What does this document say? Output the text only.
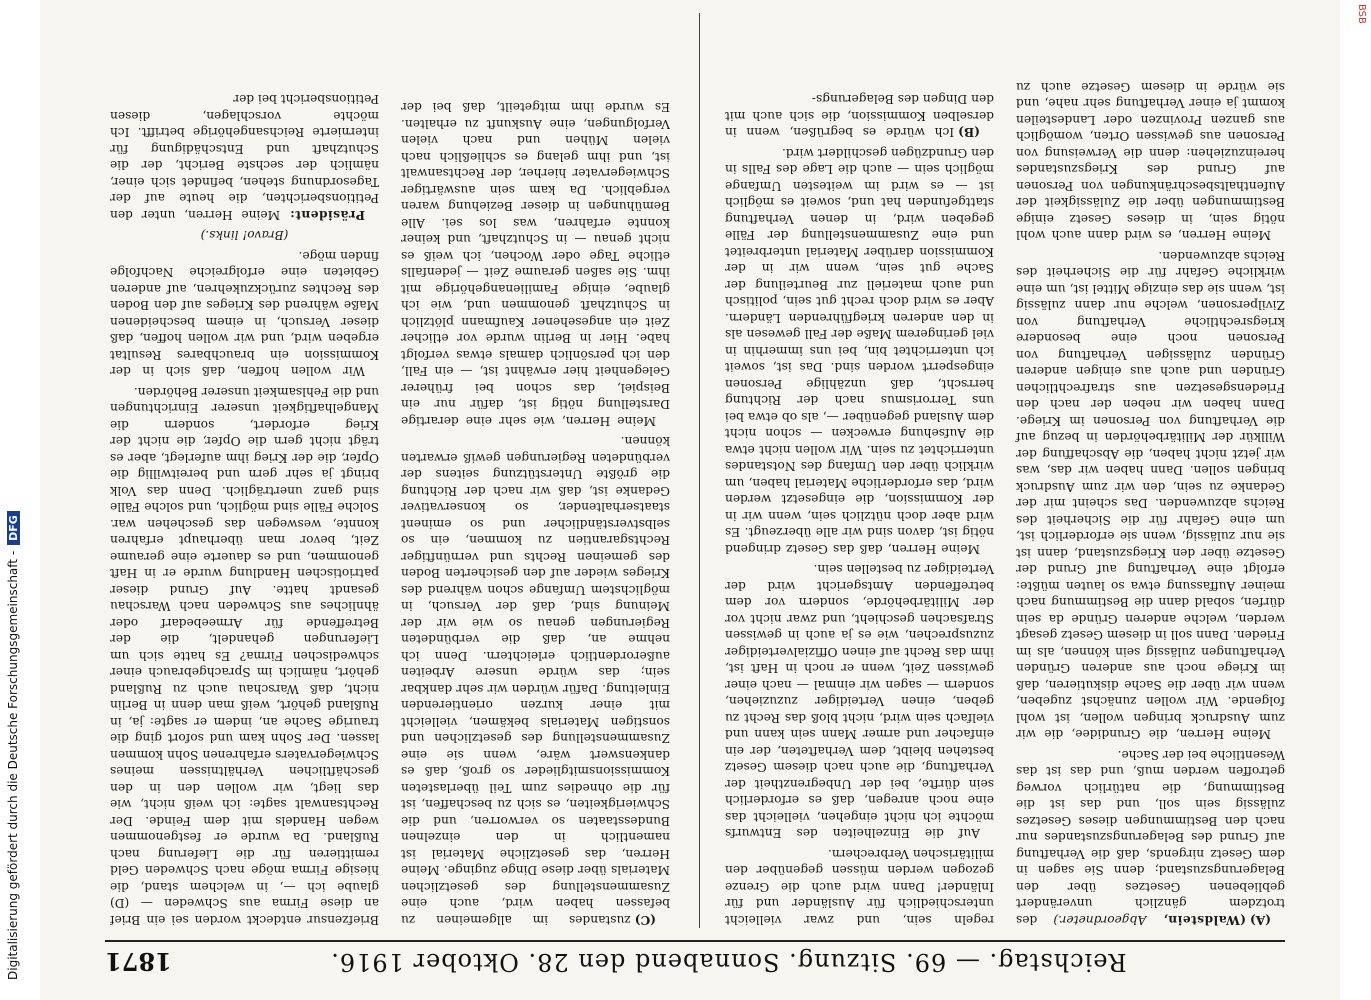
Reichstag. — 69. Sitzung. Sonnabend den 28. Oktober 1916.
1871

(A)(Waldstein, Abgeordneter.) des trotzdem gänzlich unverändert gebliebenen Gesetzes über den Belagerungszustand; denn Sie sagen in dem Gesetz nirgends, daß die Verhaftung auf Grund des Belagerungszustandes nur nach den Bestimmungen dieses Gesetzes zulässig sein soll, und das ist die Bestimmung, die natürlich vorweg getroffen werden muß, und das ist das Wesentliche bei der Sache.

Meine Herren, die Grundidee, die wir zum Ausdruck bringen wollen, ist wohl folgende. Wir wollen zunächst zugeben, wenn wir über die Sache diskutieren, daß im Kriege noch aus anderen Gründen Verhaftungen zulässig sein können, als im Frieden. Dann soll in diesem Gesetz gesagt werden, welche anderen Gründe da sein dürfen, sobald dann die Bestimmung nach meiner Auffassung etwa so lauten müßte: erfolgt eine Verhaftung auf Grund der Gesetze über den Kriegszustand, dann ist sie nur zulässig, wenn sie erforderlich ist, um eine Gefahr für die Sicherheit des Reichs abzuwenden. Das scheint mir der Gedanke zu sein, den wir zum Ausdruck bringen sollen. Dann haben wir das, was wir jetzt nicht haben, die Abschaffung der Willkür der Militärbehörden in bezug auf die Verhaftung von Personen im Kriege. Dann haben wir neben der nach den Friedensgesetzen aus strafrechtlichen Gründen und auch aus einigen anderen Gründen zulässigen Verhaftung von Personen noch eine besondere kriegsrechtliche Verhaftung von Zivilpersonen, welche nur dann zulässig ist, wenn sie das einzige Mittel ist, um eine wirkliche Gefahr für die Sicherheit des Reichs abzuwenden.

Meine Herren, es wird dann auch wohl nötig sein, in dieses Gesetz einige Bestimmungen über die Zulässigkeit der Aufenthaltsbeschränkungen von Personen auf Grund des Kriegszustandes hereinzuziehen: denn die Verweisung von Personen aus gewissen Orten, womöglich aus ganzen Provinzen oder Landesteilen kommt ja einer Verhaftung sehr nahe, und sie würde in diesem Gesetze auch zu regeln sein, und zwar vielleicht unterschiedlich für Ausländer und für Inländer! Dann wird auch die Grenze gezogen werden müssen gegenüber den militärischen Verbrechern.

Auf die Einzelheiten des Entwurfs möchte ich nicht eingehen, vielleicht das eine noch anregen, daß es erforderlich sein dürfte, bei der Unbegrenztheit der Verhaftung, die auch nach diesem Gesetz bestehen bleibt, dem Verhafteten, der ein einfacher und armer Mann sein kann und vielfach sein wird, nicht bloß das Recht zu geben, einen Verteidiger zuzuziehen, sondern — sagen wir einmal — nach einer gewissen Zeit, wenn er noch in Haft ist, ihm das Recht auf einen Offizialverteidiger zuzusprechen, wie es ja auch in gewissen Strafsachen geschieht, und zwar nicht vor der Militärbehörde, sondern vor dem betreffenden Amtsgericht wird der Verteidiger zu bestellen sein.

Meine Herren, daß das Gesetz dringend nötig ist, davon sind wir alle überzeugt. Es wird aber doch nützlich sein, wenn wir in der Kommission, die eingesetzt werden wird, das erforderliche Material haben, um wirklich über den Umfang des Notstandes unterrichtet zu sein. Wir wollen nicht etwa die Aufsehung erwecken — schon nicht dem Ausland gegenüber —, als ob etwa bei uns Terrorismus nach der Richtung herrscht, daß unzählige Personen eingesperrt worden sind. Das ist, soweit ich unterrichtet bin, bei uns immerhin in viel geringerem Maße der Fall gewesen als in den anderen kriegführenden Ländern. Aber es wird doch recht gut sein, politisch und auch materiell zur Beurteilung der Sache gut sein, wenn wir in der Kommission darüber Material unterbreitet und eine Zusammenstellung der Fälle gegeben wird, in denen Verhaftung stattgefunden hat und, soweit es möglich ist — es wird im weitesten Umfange möglich sein — auch die Lage des Falls in den Grundzügen geschildert wird.

(B)Ich würde es begrüßen, wenn in derselben Kommission, die sich auch mit den Dingen des Belagerungs-

(C)zustandes im allgemeinen zu befassen haben wird, auch eine Zusammenstellung des gesetzlichen Materials über diese Dinge zuginge. Meine Herren, das gesetzliche Material ist namentlich in den einzelnen Bundesstaaten so verworren, und die Schwierigkeiten, es sich zu beschaffen, ist für die ohnedies zum Teil überlasteten Kommissionsmitglieder so groß, daß es dankenswert wäre, wenn sie eine Zusammenstellung des gesetzlichen und sonstigen Materials bekämen, vielleicht mit einer kurzen orientierenden Einleitung. Dafür würden wir sehr dankbar sein; das würde unsere Arbeiten außerordentlich erleichtern. Denn ich nehme an, daß die verbündeten Regierungen genau so wie wir der Meinung sind, daß der Versuch, in möglichstem Umfange schon während des Krieges wieder auf den gesicherten Boden des gemeinen Rechts und vernünftiger Rechtsgarantien zu kommen, ein so selbstverständlicher und so eminent staatserhaltender, so konservativer Gedanke ist, daß wir nach der Richtung die größte Unterstützung seitens der verbündeten Regierungen gewiß erwarten können.

Meine Herren, wie sehr eine derartige Darstellung nötig ist, dafür nur ein Beispiel, das schon bei früherer Gelegenheit hier erwähnt ist, — ein Fall, den ich persönlich damals etwas verfolgt habe. Hier in Berlin wurde vor etlicher Zeit ein angesehener Kaufmann plötzlich in Schutzhaft genommen und, wie ich glaube, einige Familienangehörige mit ihm. Sie saßen geraume Zeit — jedenfalls etliche Tage oder Wochen, ich weiß es nicht genau — in Schutzhaft, und keiner konnte erfahren, was los sei. Alle Bemühungen in dieser Beziehung waren vergeblich. Da kam sein auswärtiger Schwiegervater hierher, der Rechtsanwalt ist, und ihm gelang es schließlich nach vielen Mühen und nach vielen Verfolgungen, eine Auskunft zu erhalten. Es wurde ihm mitgeteilt, daß bei der Briefzensur entdeckt worden sei ein Brief an diese Firma aus Schweden — (D) glaube ich —, in welchem stand, die hiesige Firma möge nach Schweden Geld remittieren für die Lieferung nach Rußland. Da wurde er festgenommen wegen Handels mit dem Feinde. Der Rechtsanwalt sagte: ich weiß nicht, wie das liegt, wir wollen den in den geschäftlichen Verhältnissen meines Schwiegervaters erfahrenen Sohn kommen lassen. Der Sohn kam und sofort ging die traurige Sache an, indem er sagte: ja, in Rußland gehört, weiß man denn in Berlin nicht, daß Warschau auch zu Rußland gehört, nämlich im Sprachgebrauch einer schwedischen Firma? Es hatte sich um Lieferungen gehandelt, die der Betreffende für Armeebedarf oder ähnliches aus Schweden nach Warschau gesandt hatte. Auf Grund dieser patriotischen Handlung wurde er in Haft genommen, und es dauerte eine geraume Zeit, bevor man überhaupt erfahren konnte, weswegen das geschehen war. Solche Fälle sind möglich, und solche Fälle sind ganz unerträglich. Denn das Volk bringt ja sehr gern und bereitwillig die Opfer, die der Krieg ihm auferlegt, aber es trägt nicht gern die Opfer, die nicht der Krieg erfordert, sondern die Mangelhaftigkeit unserer Einrichtungen und die Fehlsamkeit unserer Behörden.

Wir wollen hoffen, daß sich in der Kommission ein brauchbares Resultat ergeben wird, und wir wollen hoffen, daß dieser Versuch, in einem bescheidenen Maße während des Krieges auf den Boden des Rechtes zurückzukehren, auf anderen Gebieten eine erfolgreiche Nachfolge finden möge.

(Bravo! links.)

Präsident: Meine Herren, unter den Petitionsberichten, die heute auf der Tagesordnung stehen, befindet sich einer, nämlich der sechste Bericht, der die Schutzhaft und Entschädigung für internierte Reichsangehörige betrifft. Ich möchte vorschlagen, diesen Petitionsbericht bei der

Digitalisierung gefördert durch die Deutsche Forschungsgemeinschaft -DFG
BSB
